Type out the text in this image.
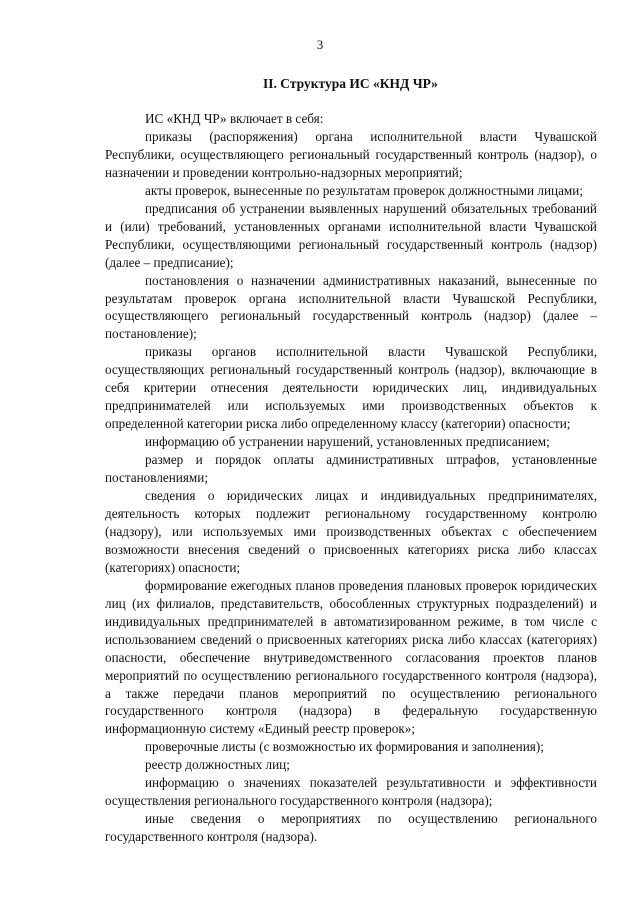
3
II. Структура ИС «КНД ЧР»

ИС «КНД ЧР» включает в себя:

приказы (распоряжения) органа исполнительной власти Чувашской Республики, осуществляющего региональный государственный контроль (надзор), о назначении и проведении контрольно-надзорных мероприятий;

акты проверок, вынесенные по результатам проверок должностными лицами;

предписания об устранении выявленных нарушений обязательных требований и (или) требований, установленных органами исполнительной власти Чувашской Республики, осуществляющими региональный государственный контроль (надзор) (далее – предписание);

постановления о назначении административных наказаний, вынесенные по результатам проверок органа исполнительной власти Чувашской Республики, осуществляющего региональный государственный контроль (надзор) (далее – постановление);

приказы органов исполнительной власти Чувашской Республики, осуществляющих региональный государственный контроль (надзор), включающие в себя критерии отнесения деятельности юридических лиц, индивидуальных предпринимателей или используемых ими производственных объектов к определенной категории риска либо определенному классу (категории) опасности;

информацию об устранении нарушений, установленных предписанием;

размер и порядок оплаты административных штрафов, установленные постановлениями;

сведения о юридических лицах и индивидуальных предпринимателях, деятельность которых подлежит региональному государственному контролю (надзору), или используемых ими производственных объектах с обеспечением возможности внесения сведений о присвоенных категориях риска либо классах (категориях) опасности;

формирование ежегодных планов проведения плановых проверок юридических лиц (их филиалов, представительств, обособленных структурных подразделений) и индивидуальных предпринимателей в автоматизированном режиме, в том числе с использованием сведений о присвоенных категориях риска либо классах (категориях) опасности, обеспечение внутриведомственного согласования проектов планов мероприятий по осуществлению регионального государственного контроля (надзора), а также передачи планов мероприятий по осуществлению регионального государственного контроля (надзора) в федеральную государственную информационную систему «Единый реестр проверок»;

проверочные листы (с возможностью их формирования и заполнения);

реестр должностных лиц;

информацию о значениях показателей результативности и эффективности осуществления регионального государственного контроля (надзора);

иные сведения о мероприятиях по осуществлению регионального государственного контроля (надзора).
